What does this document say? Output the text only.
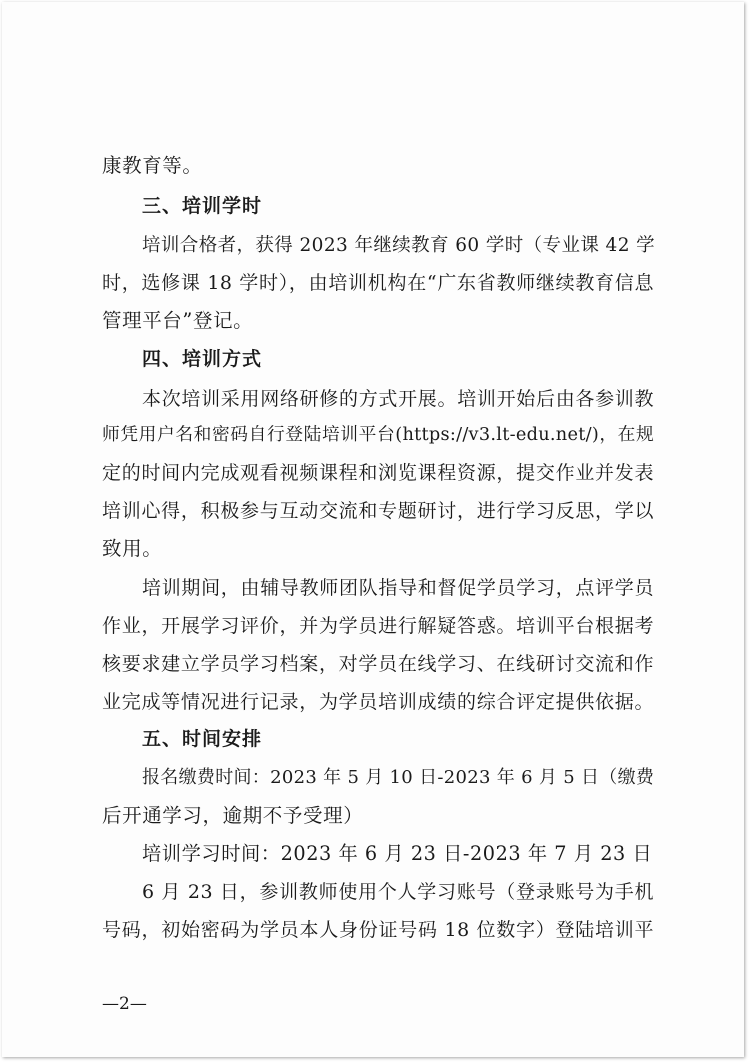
康教育等。
三、培训学时
培训合格者，获得 2023 年继续教育 60 学时（专业课 42 学
时，选修课 18 学时），由培训机构在“广东省教师继续教育信息
管理平台”登记。
四、培训方式
本次培训采用网络研修的方式开展。培训开始后由各参训教
师凭用户名和密码自行登陆培训平台(https://v3.lt-edu.net/)，在规
定的时间内完成观看视频课程和浏览课程资源，提交作业并发表
培训心得，积极参与互动交流和专题研讨，进行学习反思，学以
致用。
培训期间，由辅导教师团队指导和督促学员学习，点评学员
作业，开展学习评价，并为学员进行解疑答惑。培训平台根据考
核要求建立学员学习档案，对学员在线学习、在线研讨交流和作
业完成等情况进行记录，为学员培训成绩的综合评定提供依据。
五、时间安排
报名缴费时间：2023 年 5 月 10 日-2023 年 6 月 5 日（缴费
后开通学习，逾期不予受理）
培训学习时间：2023 年 6 月 23 日-2023 年 7 月 23 日
6 月 23 日，参训教师使用个人学习账号（登录账号为手机
号码，初始密码为学员本人身份证号码 18 位数字）登陆培训平
—2—
